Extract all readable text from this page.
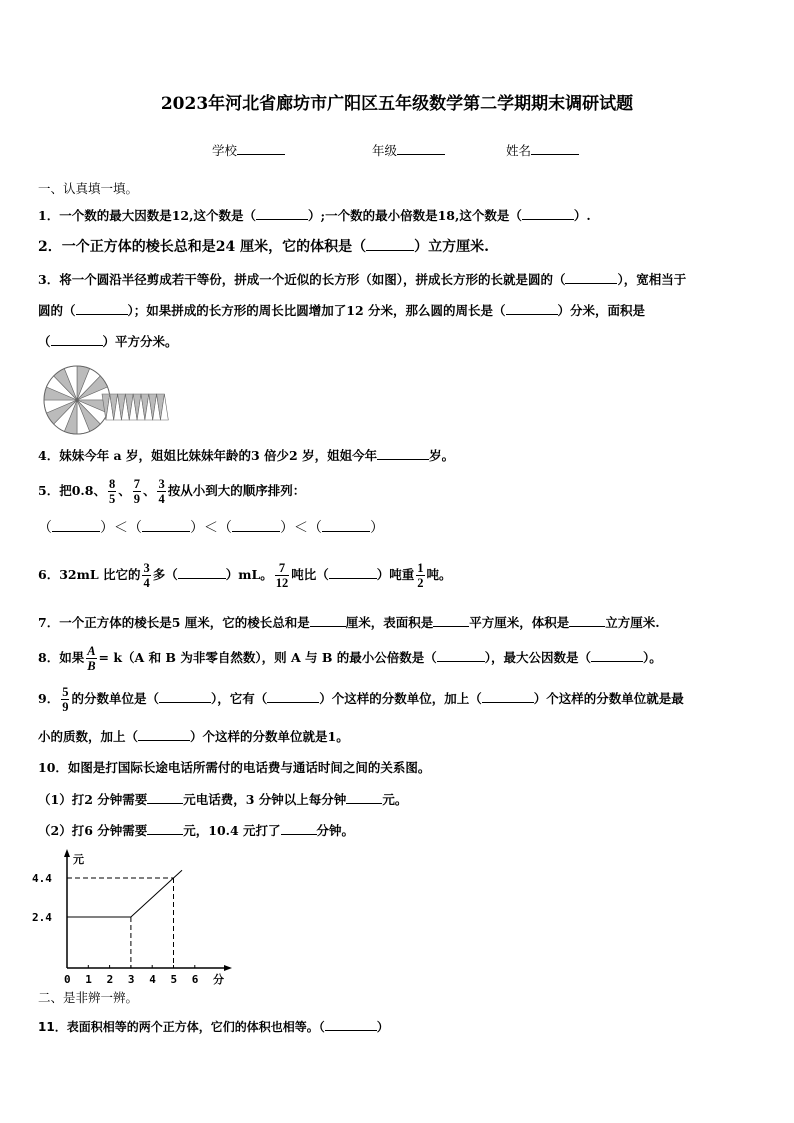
2023年河北省廊坊市广阳区五年级数学第二学期期末调研试题
学校	年级	姓名
一、认真填一填。
1．一个数的最大因数是12,这个数是（	）;一个数的最小倍数是18,这个数是（	）.
2．一个正方体的棱长总和是24 厘米，它的体积是（	）立方厘米.
3．将一个圆沿半径剪成若干等份，拼成一个近似的长方形（如图），拼成长方形的长就是圆的（	），宽相当于
圆的（	）；如果拼成的长方形的周长比圆增加了12 分米，那么圆的周长是（	）分米，面积是
（	）平方分米。
4．妹妹今年 a 岁，姐姐比妹妹年龄的3 倍少2 岁，姐姐今年	岁。
5．把0.8、 $\frac{8}{5}$ 、 $\frac{7}{9}$ 、 $\frac{3}{4}$ 按从小到大的顺序排列：
（	）＜（	）＜（	）＜（	）
6．32mL 比它的 $\frac{3}{4}$ 多（	）mL。 $\frac{7}{12}$ 吨比（	）吨重 $\frac{1}{2}$ 吨。
7．一个正方体的棱长是5 厘米，它的棱长总和是	厘米，表面积是	平方厘米，体积是	立方厘米.
8．如果 $\frac{A}{B} = k(A$ 和 B 为非零自然数），则 A 与 B 的最小公倍数是（	），最大公因数是（	）。
9． $\frac{5}{9}$ 的分数单位是（	），它有（	）个这样的分数单位，加上（	）个这样的分数单位就是最
小的质数，加上（	）个这样的分数单位就是1。
10．如图是打国际长途电话所需付的电话费与通话时间之间的关系图。
（1）打2 分钟需要	元电话费，3 分钟以上每分钟	元。
（2）打6 分钟需要	元，10.4 元打了	分钟。
0 1 2 3 4 5 6
2.4
4.4
元
分
二、是非辨一辨。
11．表面积相等的两个正方体，它们的体积也相等。（	）
